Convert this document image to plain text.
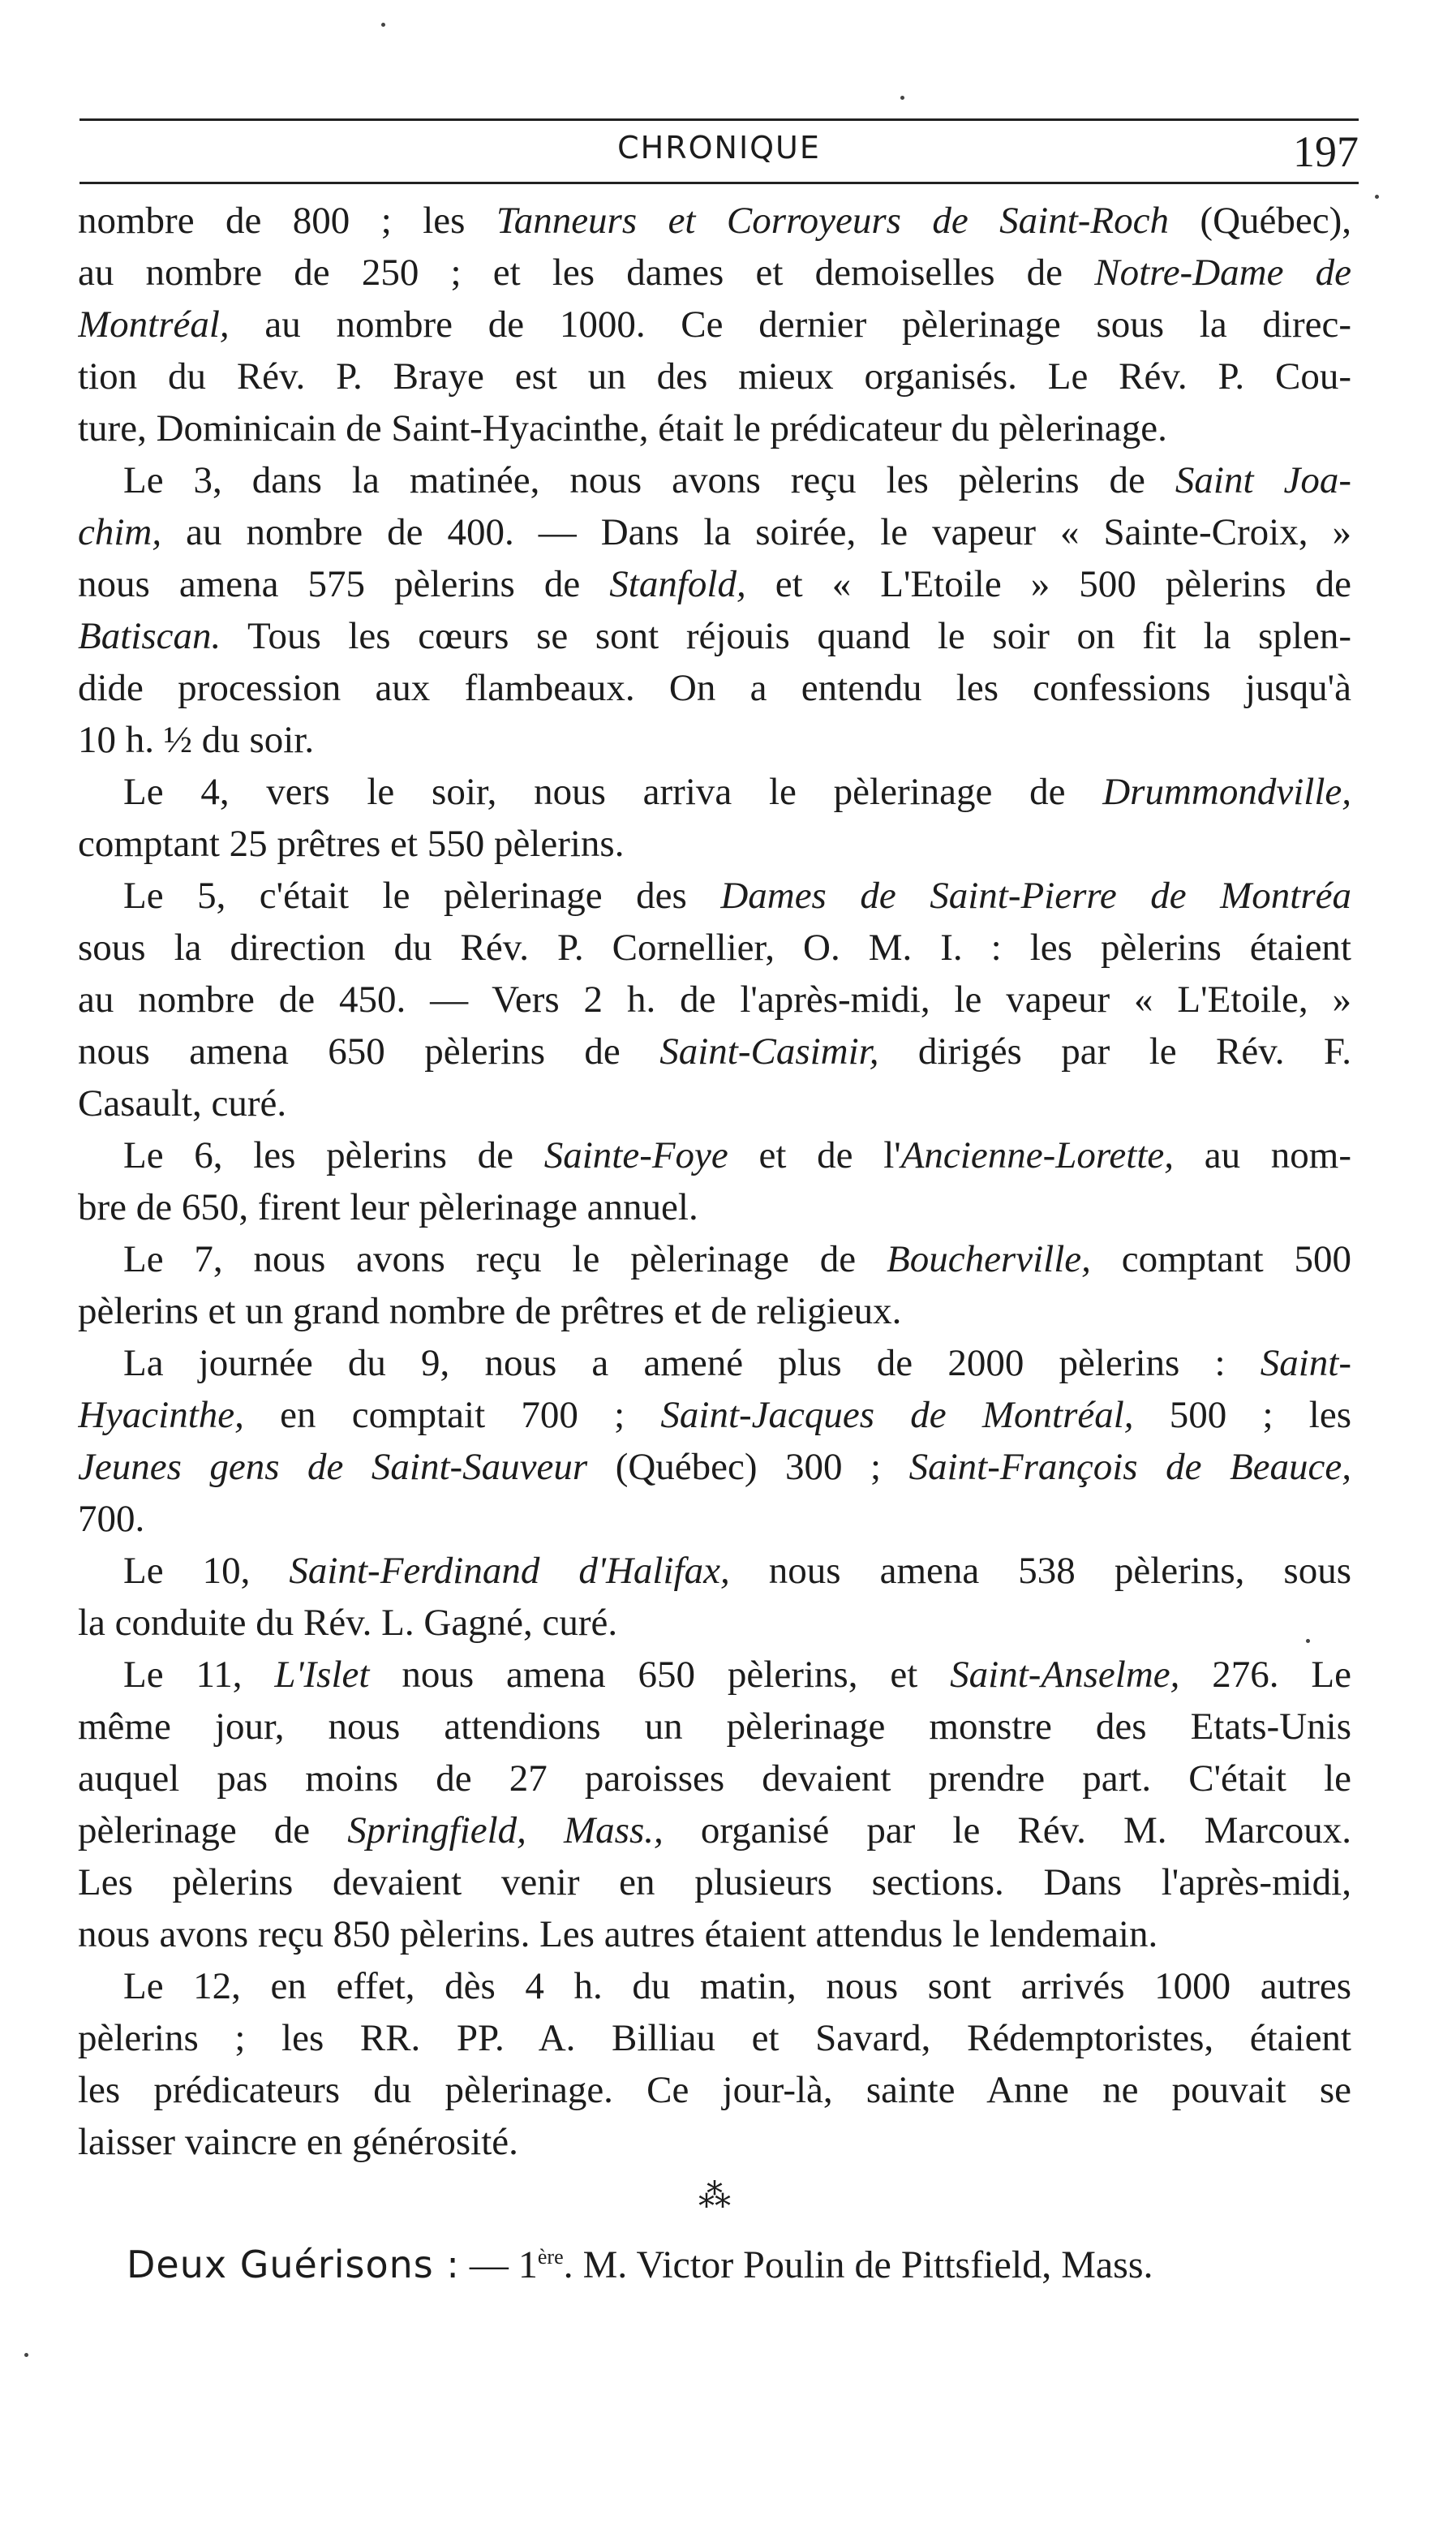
CHRONIQUE	197
nombre de 800 ; les Tanneurs et Corroyeurs de Saint-Roch (Québec),
au nombre de 250 ; et les dames et demoiselles de Notre-Dame de
Montréal, au nombre de 1000. Ce dernier pèlerinage sous la direc-
tion du Rév. P. Braye est un des mieux organisés. Le Rév. P. Cou-
ture, Dominicain de Saint-Hyacinthe, était le prédicateur du pèlerinage.
Le 3, dans la matinée, nous avons reçu les pèlerins de Saint Joa-
chim, au nombre de 400. — Dans la soirée, le vapeur « Sainte-Croix, »
nous amena 575 pèlerins de Stanfold, et « L'Etoile » 500 pèlerins de
Batiscan. Tous les cœurs se sont réjouis quand le soir on fit la splen-
dide procession aux flambeaux. On a entendu les confessions jusqu'à
10 h. ½ du soir.
Le 4, vers le soir, nous arriva le pèlerinage de Drummondville,
comptant 25 prêtres et 550 pèlerins.
Le 5, c'était le pèlerinage des Dames de Saint-Pierre de Montréa
sous la direction du Rév. P. Cornellier, O. M. I. : les pèlerins étaient
au nombre de 450. — Vers 2 h. de l'après-midi, le vapeur « L'Etoile, »
nous amena 650 pèlerins de Saint-Casimir, dirigés par le Rév. F.
Casault, curé.
Le 6, les pèlerins de Sainte-Foye et de l'Ancienne-Lorette, au nom-
bre de 650, firent leur pèlerinage annuel.
Le 7, nous avons reçu le pèlerinage de Boucherville, comptant 500
pèlerins et un grand nombre de prêtres et de religieux.
La journée du 9, nous a amené plus de 2000 pèlerins : Saint-
Hyacinthe, en comptait 700 ; Saint-Jacques de Montréal, 500 ; les
Jeunes gens de Saint-Sauveur (Québec) 300 ; Saint-François de Beauce,
700.
Le 10, Saint-Ferdinand d'Halifax, nous amena 538 pèlerins, sous
la conduite du Rév. L. Gagné, curé.
Le 11, L'Islet nous amena 650 pèlerins, et Saint-Anselme, 276. Le
même jour, nous attendions un pèlerinage monstre des Etats-Unis
auquel pas moins de 27 paroisses devaient prendre part. C'était le
pèlerinage de Springfield, Mass., organisé par le Rév. M. Marcoux.
Les pèlerins devaient venir en plusieurs sections. Dans l'après-midi,
nous avons reçu 850 pèlerins. Les autres étaient attendus le lendemain.
Le 12, en effet, dès 4 h. du matin, nous sont arrivés 1000 autres
pèlerins ; les RR. PP. A. Billiau et Savard, Rédemptoristes, étaient
les prédicateurs du pèlerinage. Ce jour-là, sainte Anne ne pouvait se
laisser vaincre en générosité.
⁂
Deux Guérisons : — 1ère. M. Victor Poulin de Pittsfield, Mass.
